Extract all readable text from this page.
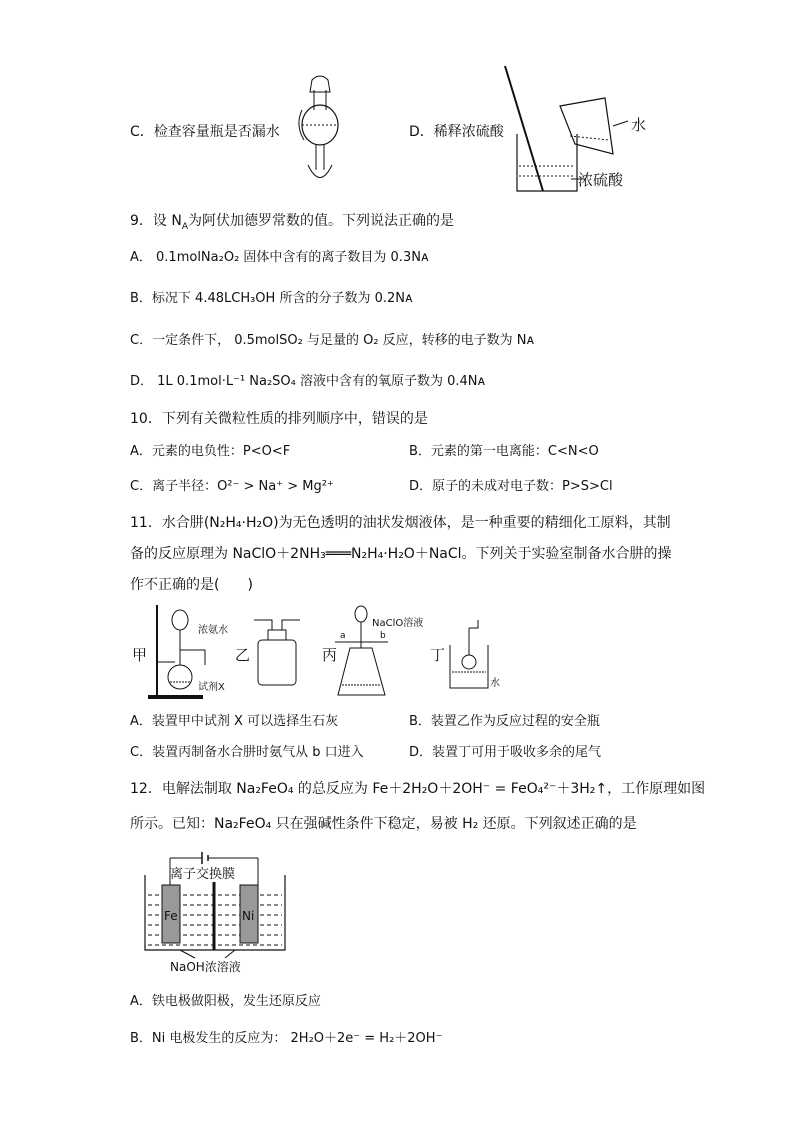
C．检查容量瓶是否漏水	D．稀释浓硫酸	水
浓硫酸
9．设 $N_A$为阿伏加德罗常数的值。下列说法正确的是
A． 0.1molNa₂O₂ 固体中含有的离子数目为 0.3Nᴀ
B．标况下 4.48LCH₃OH 所含的分子数为 0.2Nᴀ
C．一定条件下， 0.5molSO₂ 与足量的 O₂ 反应，转移的电子数为 Nᴀ
D． 1L 0.1mol·L⁻¹ Na₂SO₄ 溶液中含有的氧原子数为 0.4Nᴀ
10．下列有关微粒性质的排列顺序中，错误的是
A．元素的电负性：P<O<F	B．元素的第一电离能：C<N<O
C．离子半径：O²⁻ > Na⁺ > Mg²⁺	D．原子的未成对电子数：P>S>Cl
11．水合肼(N₂H₄·H₂O)为无色透明的油状发烟液体，是一种重要的精细化工原料，其制
备的反应原理为 NaClO＋2NH₃═══N₂H₄·H₂O＋NaCl。下列关于实验室制备水合肼的操
作不正确的是(　　)
甲
浓氨水
试剂X
乙	丙
NaClO溶液
a	b
丁
水
A．装置甲中试剂 X 可以选择生石灰	B．装置乙作为反应过程的安全瓶
C．装置丙制备水合肼时氨气从 b 口进入	D．装置丁可用于吸收多余的尾气
12．电解法制取 Na₂FeO₄ 的总反应为 Fe＋2H₂O＋2OH⁻ = FeO₄²⁻＋3H₂↑，工作原理如图
所示。已知：Na₂FeO₄ 只在强碱性条件下稳定，易被 H₂ 还原。下列叙述正确的是
离子交换膜
Fe	Ni
NaOH浓溶液
A．铁电极做阳极，发生还原反应
B．Ni 电极发生的反应为： 2H₂O＋2e⁻ = H₂＋2OH⁻
